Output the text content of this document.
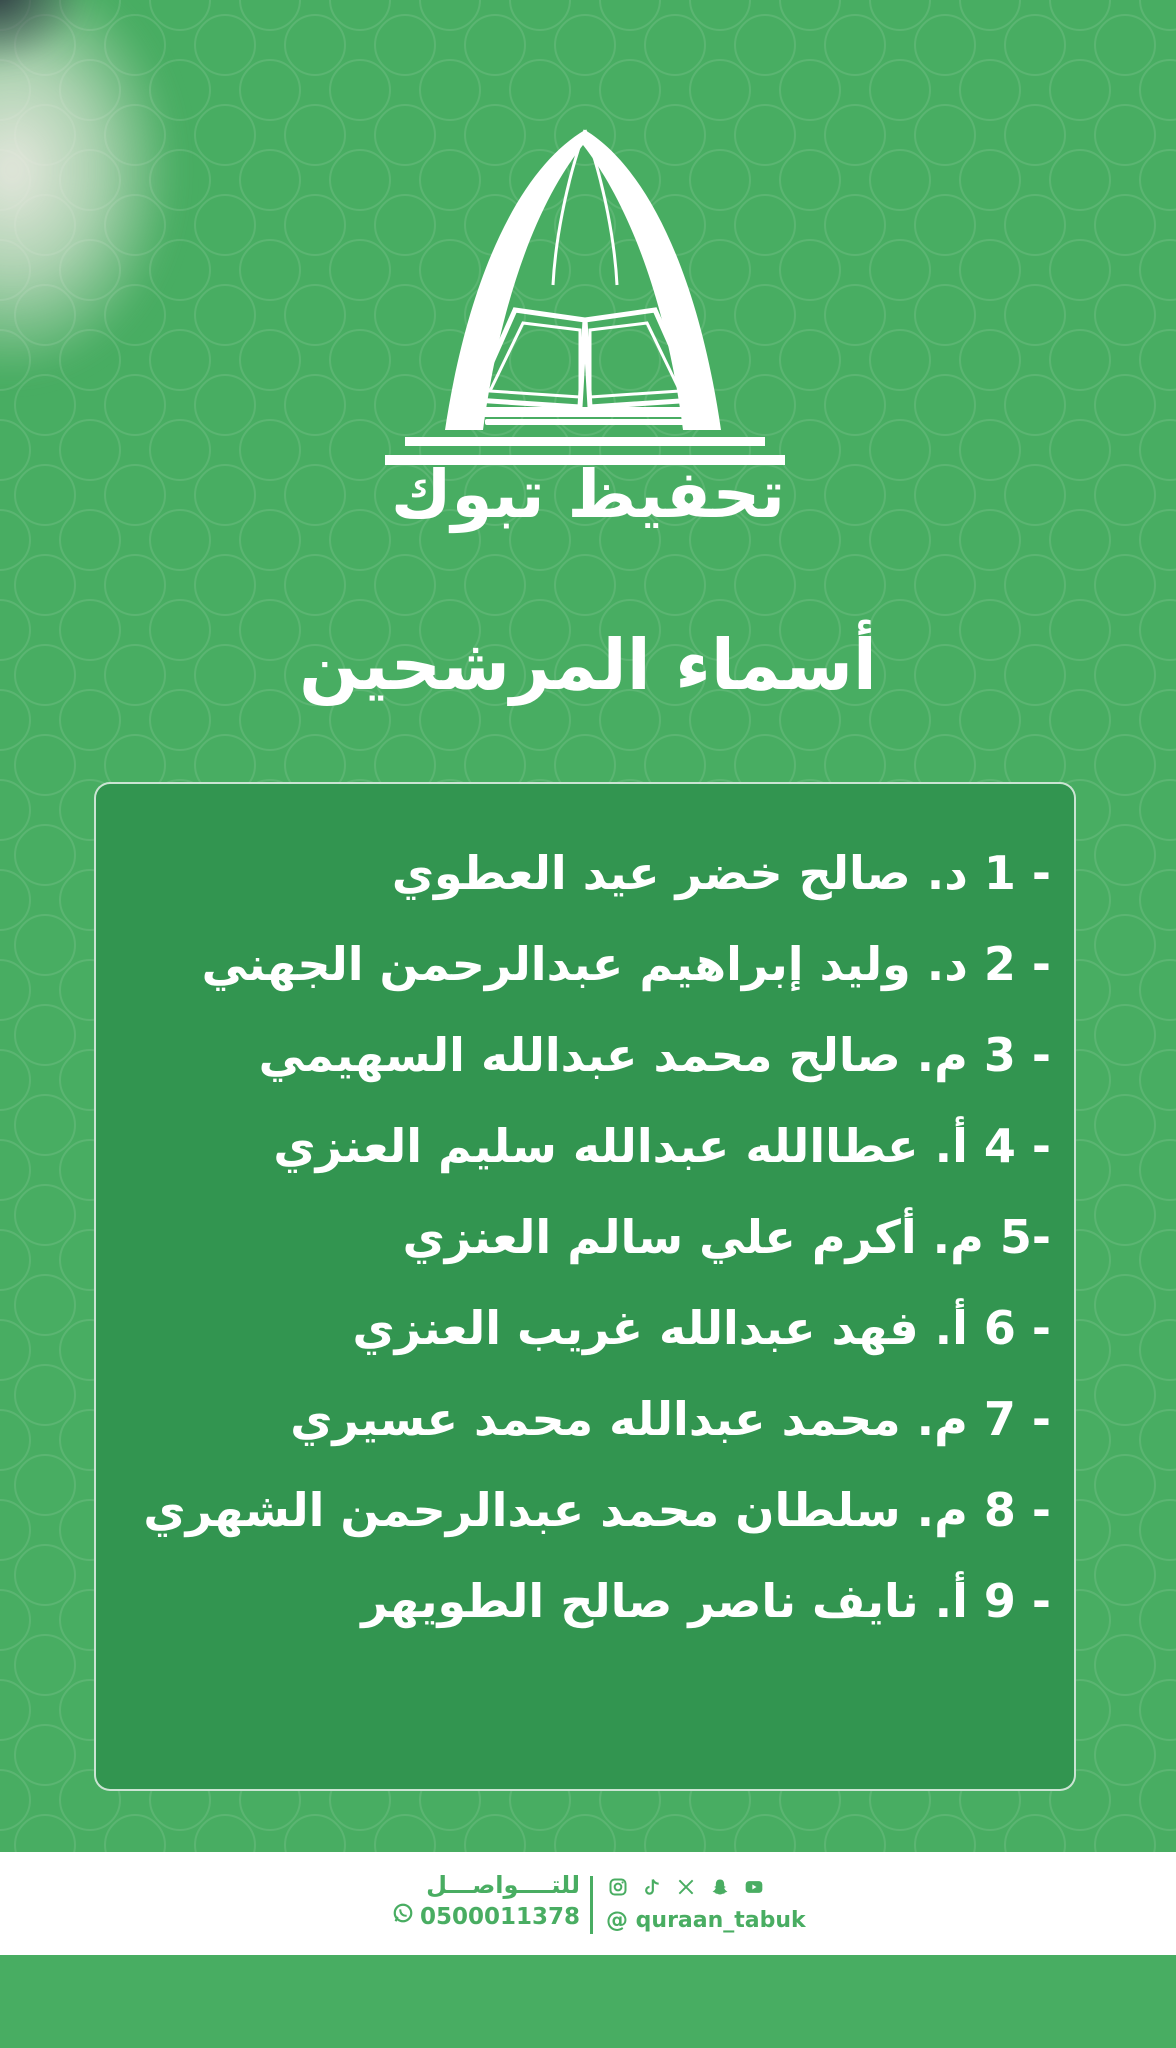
تحفيظ تبوك
أسماء المرشحين
1 - د. صالح خضر عيد العطوي
2 - د. وليد إبراهيم عبدالرحمن الجهني
3 - م. صالح محمد عبدالله السهيمي
4 - أ. عطاالله عبدالله سليم العنزي
5- م. أكرم علي سالم العنزي
6 - أ. فهد عبدالله غريب العنزي
7 - م. محمد عبدالله محمد عسيري
8 - م. سلطان محمد عبدالرحمن الشهري
9 - أ. نايف ناصر صالح الطويهر
للتــــواصـــل
0500011378 @ quraan_tabuk
